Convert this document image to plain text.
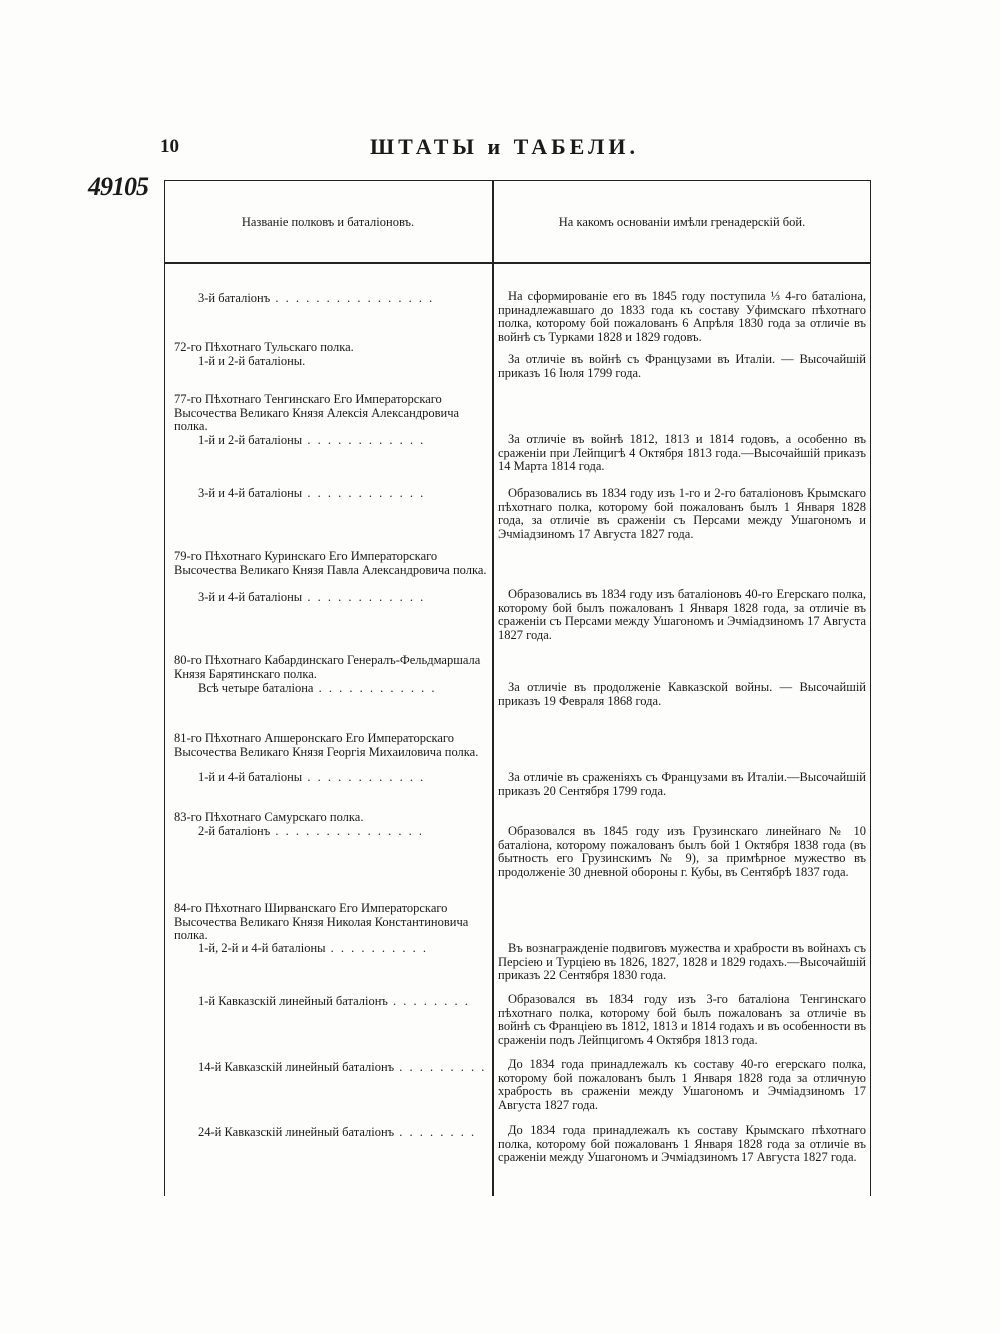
10	ШТАТЫ и ТАБЕЛИ.
49105
Названіе полковъ и баталіоновъ.	На какомъ основаніи имѣли гренадерскій бой.
3-й баталіонъ . . . . . . . . . . . . . . . .	На сформированіе его въ 1845 году поступила ⅓ 4-го баталіона, принадлежавшаго до 1833 года къ составу Уфимскаго пѣхотнаго полка, которому бой пожалованъ 6 Апрѣля 1830 года за отличіе въ войнѣ съ Турками 1828 и 1829 годовъ.

72-го Пѣхотнаго Тульскаго полка.
1-й и 2-й баталіоны.	За отличіе въ войнѣ съ Французами въ Италіи. — Высочайшій приказъ 16 Іюля 1799 года.

77-го Пѣхотнаго Тенгинскаго Его Императорскаго Высочества Великаго Князя Алексія Александровича полка.
1-й и 2-й баталіоны . . . . . . . . . . . .	За отличіе въ войнѣ 1812, 1813 и 1814 годовъ, а особенно въ сраженіи при Лейпцигѣ 4 Октября 1813 года.—Высочайшій приказъ 14 Марта 1814 года.

3-й и 4-й баталіоны . . . . . . . . . . . .	Образовались въ 1834 году изъ 1-го и 2-го баталіоновъ Крымскаго пѣхотнаго полка, которому бой пожалованъ былъ 1 Января 1828 года, за отличіе въ сраженіи съ Персами между Ушагономъ и Эчміадзиномъ 17 Августа 1827 года.

79-го Пѣхотнаго Куринскаго Его Императорскаго Высочества Великаго Князя Павла Александровича полка.
3-й и 4-й баталіоны . . . . . . . . . . . .	Образовались въ 1834 году изъ баталіоновъ 40-го Егерскаго полка, которому бой былъ пожалованъ 1 Января 1828 года, за отличіе въ сраженіи съ Персами между Ушагономъ и Эчміадзиномъ 17 Августа 1827 года.

80-го Пѣхотнаго Кабардинскаго Генералъ-Фельдмаршала Князя Барятинскаго полка.
Всѣ четыре баталіона . . . . . . . . . . . .	За отличіе въ продолженіе Кавказской войны. — Высочайшій приказъ 19 Февраля 1868 года.

81-го Пѣхотнаго Апшеронскаго Его Императорскаго Высочества Великаго Князя Георгія Михаиловича полка.
1-й и 4-й баталіоны . . . . . . . . . . . .	За отличіе въ сраженіяхъ съ Французами въ Италіи.—Высочайшій приказъ 20 Сентября 1799 года.

83-го Пѣхотнаго Самурскаго полка.
2-й баталіонъ . . . . . . . . . . . . . . .	Образовался въ 1845 году изъ Грузинскаго линейнаго № 10 баталіона, которому пожалованъ былъ бой 1 Октября 1838 года (въ бытность его Грузинскимъ № 9), за примѣрное мужество въ продолженіе 30 дневной обороны г. Кубы, въ Сентябрѣ 1837 года.

84-го Пѣхотнаго Ширванскаго Его Императорскаго Высочества Великаго Князя Николая Константиновича полка.
1-й, 2-й и 4-й баталіоны . . . . . . . . . .	Въ вознагражденіе подвиговъ мужества и храбрости въ войнахъ съ Персіею и Турціею въ 1826, 1827, 1828 и 1829 годахъ.—Высочайшій приказъ 22 Сентября 1830 года.

1-й Кавказскій линейный баталіонъ . . . . . . . .	Образовался въ 1834 году изъ 3-го баталіона Тенгинскаго пѣхотнаго полка, которому бой былъ пожалованъ за отличіе въ войнѣ съ Франціею въ 1812, 1813 и 1814 годахъ и въ особенности въ сраженіи подъ Лейпцигомъ 4 Октября 1813 года.

14-й Кавказскій линейный баталіонъ . . . . . . . . .	До 1834 года принадлежалъ къ составу 40-го егерскаго полка, которому бой пожалованъ былъ 1 Января 1828 года за отличную храбрость въ сраженіи между Ушагономъ и Эчміадзиномъ 17 Августа 1827 года.

24-й Кавказскій линейный баталіонъ . . . . . . . .	До 1834 года принадлежалъ къ составу Крымскаго пѣхотнаго полка, которому бой пожалованъ 1 Января 1828 года за отличіе въ сраженіи между Ушагономъ и Эчміадзиномъ 17 Августа 1827 года.
